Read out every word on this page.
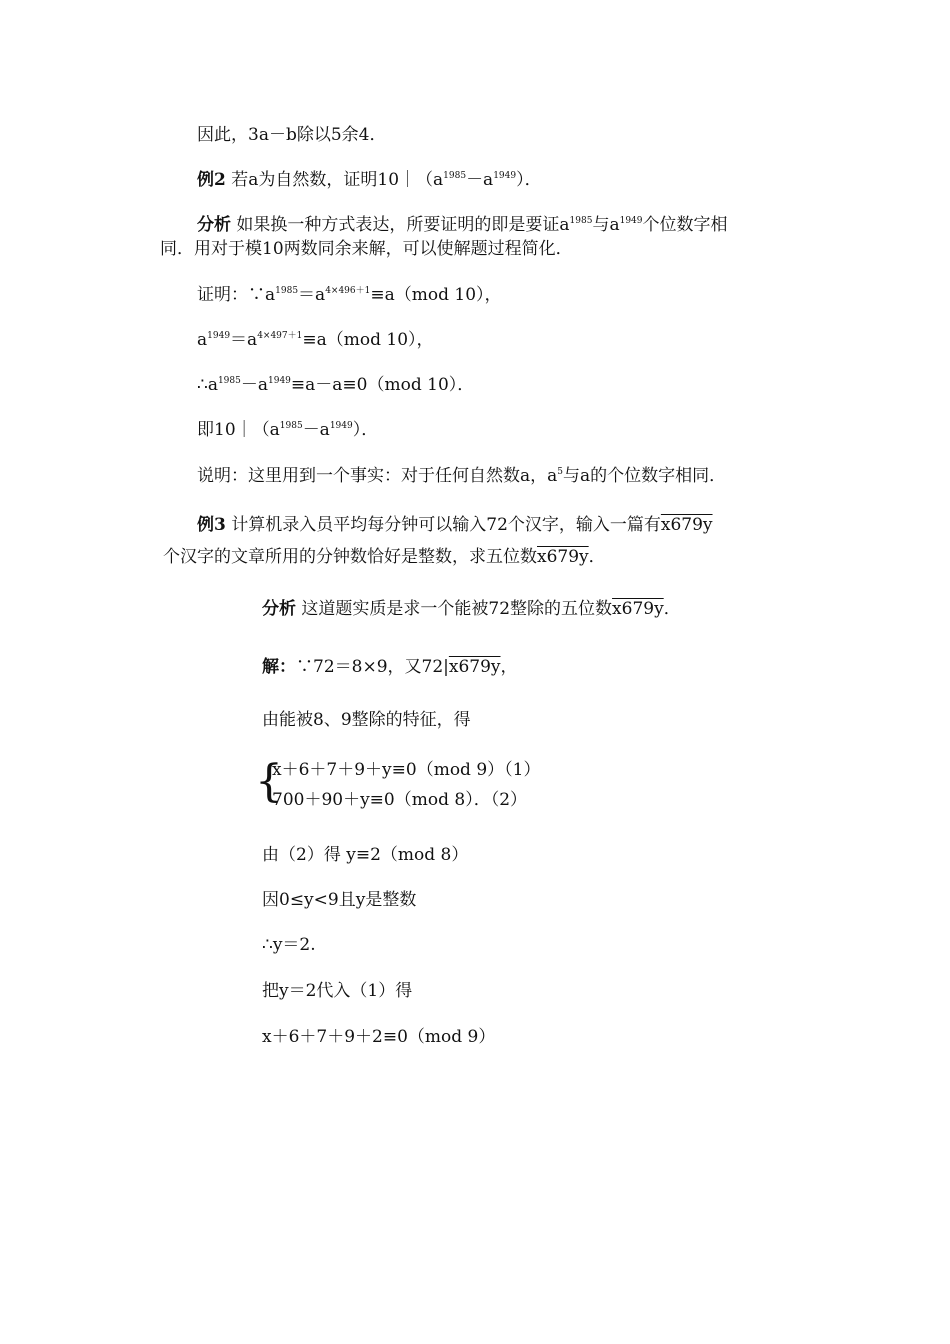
因此，3a－b除以5余4．
例2 若a为自然数，证明$10|(a^{1985}-a^{1949})$．
分析 如果换一种方式表达，所要证明的即是要证$a^{1985}$与$a^{1949}$个位数字相
同．用对于模10两数同余来解，可以使解题过程简化．
证明：$\because a^{1985}=a^{4\times 496+1}\equiv a(mod$ 10），
$a^{1949}=a^{4\times 497+1}\equiv a(mod$ 10），
$\therefore a^{1985}-a^{1949}\equiv a-a\equiv 0(mod$ 10）．
即$10|(a^{1985}-a^{1949})$．
说明：这里用到一个事实：对于任何自然数a，$a^5$与a的个位数字相同．
例3 计算机录入员平均每分钟可以输入72个汉字，输入一篇有x679y
个汉字的文章所用的分钟数恰好是整数，求五位数x679y．
分析 这道题实质是求一个能被72整除的五位数x679y．
解：∵72＝8×9，又72|x679y，
由能被8、9整除的特征，得
{
x＋6＋7＋9＋y≡0（mod 9）（1）
700＋90＋y≡0（mod 8）．（2）
由（2）得 y≡2（mod 8）
因0≤y<9且y是整数
∴y＝2.
把y＝2代入（1）得
x＋6＋7＋9＋2≡0（mod 9）
